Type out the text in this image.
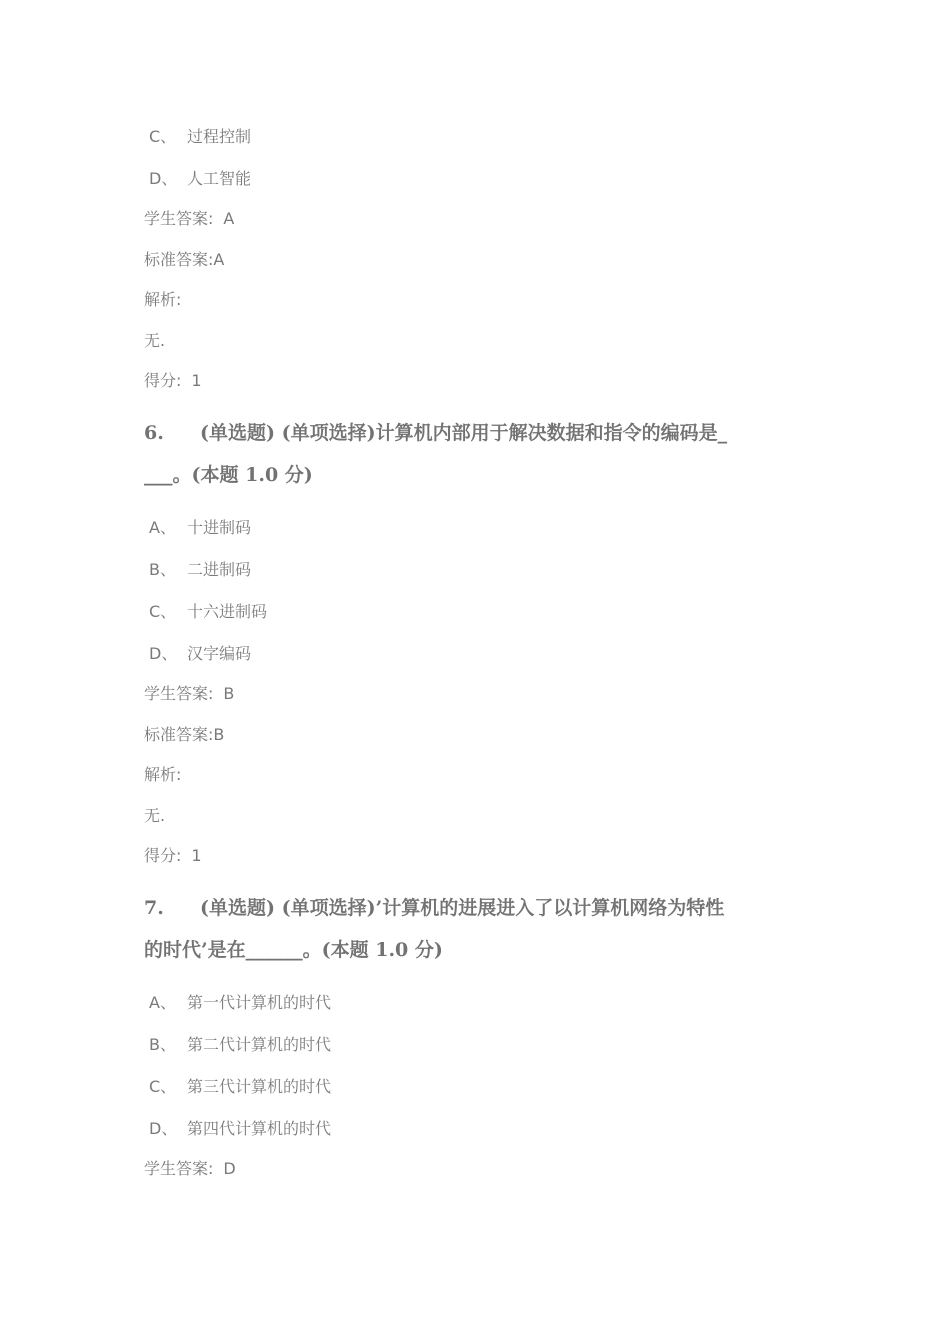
C、 过程控制
D、 人工智能
学生答案: A
标准答案:A
解析:
无.
得分: 1
6. (单选题) (单项选择)计算机内部用于解决数据和指令的编码是_
___。(本题 1.0 分)
A、 十进制码
B、 二进制码
C、 十六进制码
D、 汉字编码
学生答案: B
标准答案:B
解析:
无.
得分: 1
7. (单选题) (单项选择)’计算机的进展进入了以计算机网络为特性
的时代’是在______。(本题 1.0 分)
A、 第一代计算机的时代
B、 第二代计算机的时代
C、 第三代计算机的时代
D、 第四代计算机的时代
学生答案: D
